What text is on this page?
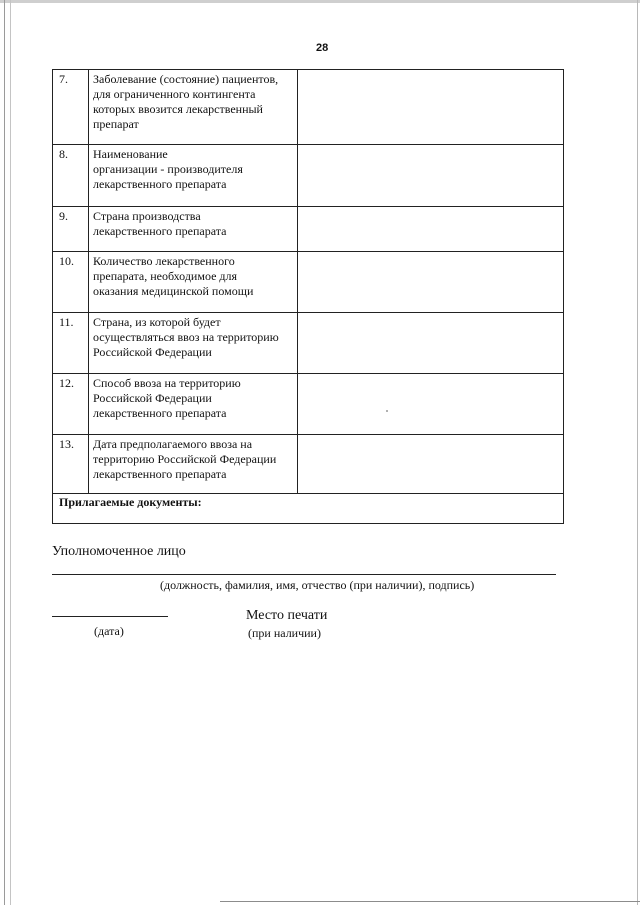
28
7.	Заболевание (состояние) пациентов,
для ограниченного контингента
которых ввозится лекарственный
препарат	

8.	Наименование
организации - производителя
лекарственного препарата	

9.	Страна производства
лекарственного препарата	

10.	Количество лекарственного
препарата, необходимое для
оказания медицинской помощи	

11.	Страна, из которой будет
осуществляться ввоз на территорию
Российской Федерации	

12.	Способ ввоза на территорию
Российской Федерации
лекарственного препарата	

13.	Дата предполагаемого ввоза на
территорию Российской Федерации
лекарственного препарата	

Прилагаемые документы:		
Уполномоченное лицо
(должность, фамилия, имя, отчество (при наличии), подпись)
(дата)
Место печати
(при наличии)
